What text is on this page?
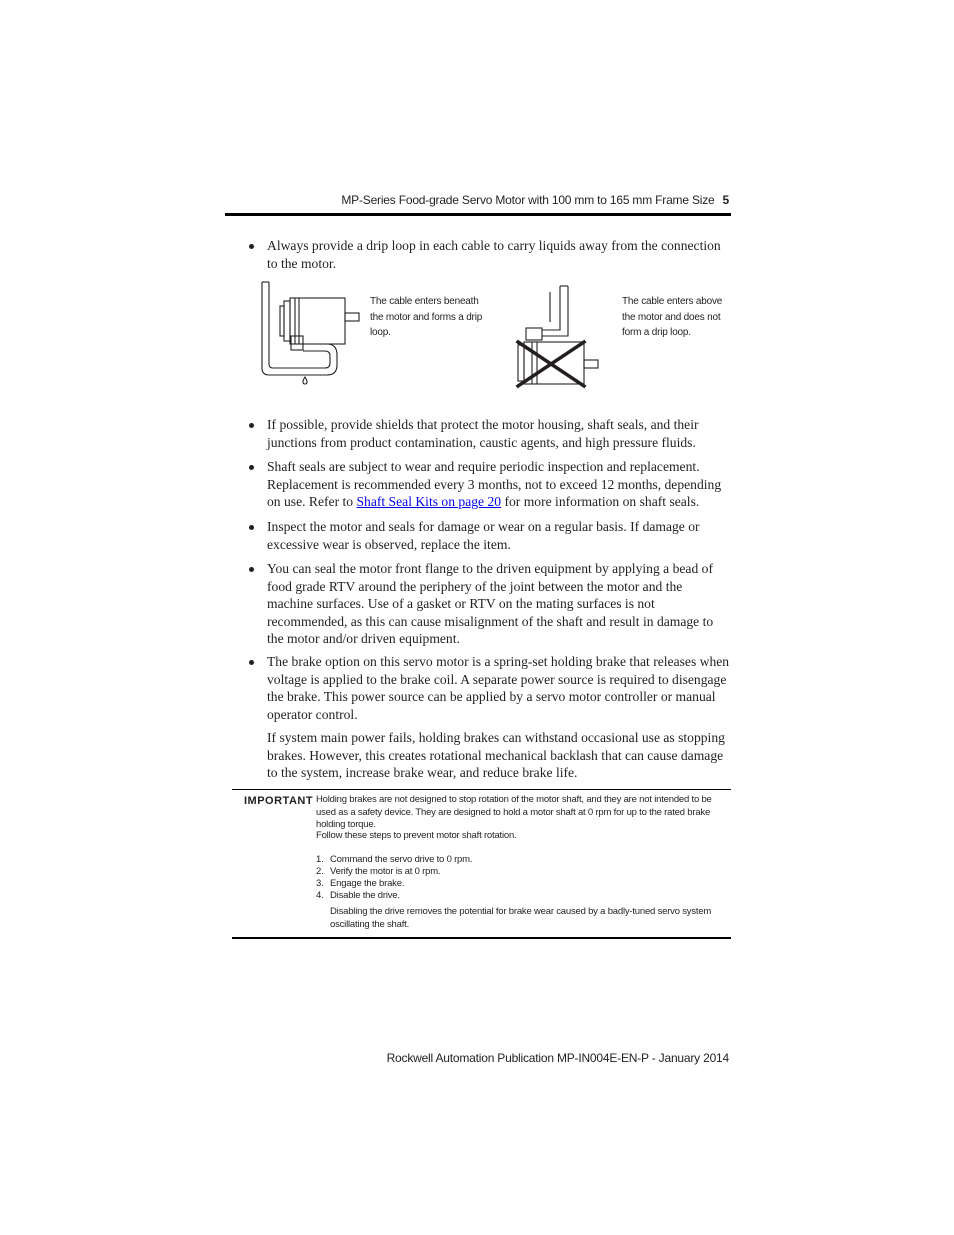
MP-Series Food-grade Servo Motor with 100 mm to 165 mm Frame Size 5
Always provide a drip loop in each cable to carry liquids away from the connection to the motor.
The cable enters beneath the motor and forms a drip loop.
The cable enters above the motor and does not form a drip loop.
If possible, provide shields that protect the motor housing, shaft seals, and their junctions from product contamination, caustic agents, and high pressure fluids.
Shaft seals are subject to wear and require periodic inspection and replacement. Replacement is recommended every 3 months, not to exceed 12 months, depending on use. Refer to Shaft Seal Kits on page 20 for more information on shaft seals.
Inspect the motor and seals for damage or wear on a regular basis. If damage or excessive wear is observed, replace the item.
You can seal the motor front flange to the driven equipment by applying a bead of food grade RTV around the periphery of the joint between the motor and the machine surfaces. Use of a gasket or RTV on the mating surfaces is not recommended, as this can cause misalignment of the shaft and result in damage to the motor and/or driven equipment.
The brake option on this servo motor is a spring-set holding brake that releases when voltage is applied to the brake coil. A separate power source is required to disengage the brake. This power source can be applied by a servo motor controller or manual operator control.
If system main power fails, holding brakes can withstand occasional use as stopping brakes. However, this creates rotational mechanical backlash that can cause damage to the system, increase brake wear, and reduce brake life.
IMPORTANT Holding brakes are not designed to stop rotation of the motor shaft, and they are not intended to be used as a safety device. They are designed to hold a motor shaft at 0 rpm for up to the rated brake holding torque.
Follow these steps to prevent motor shaft rotation.
1. Command the servo drive to 0 rpm.
2. Verify the motor is at 0 rpm.
3. Engage the brake.
4. Disable the drive.
Disabling the drive removes the potential for brake wear caused by a badly-tuned servo system oscillating the shaft.
Rockwell Automation Publication MP-IN004E-EN-P - January 2014
